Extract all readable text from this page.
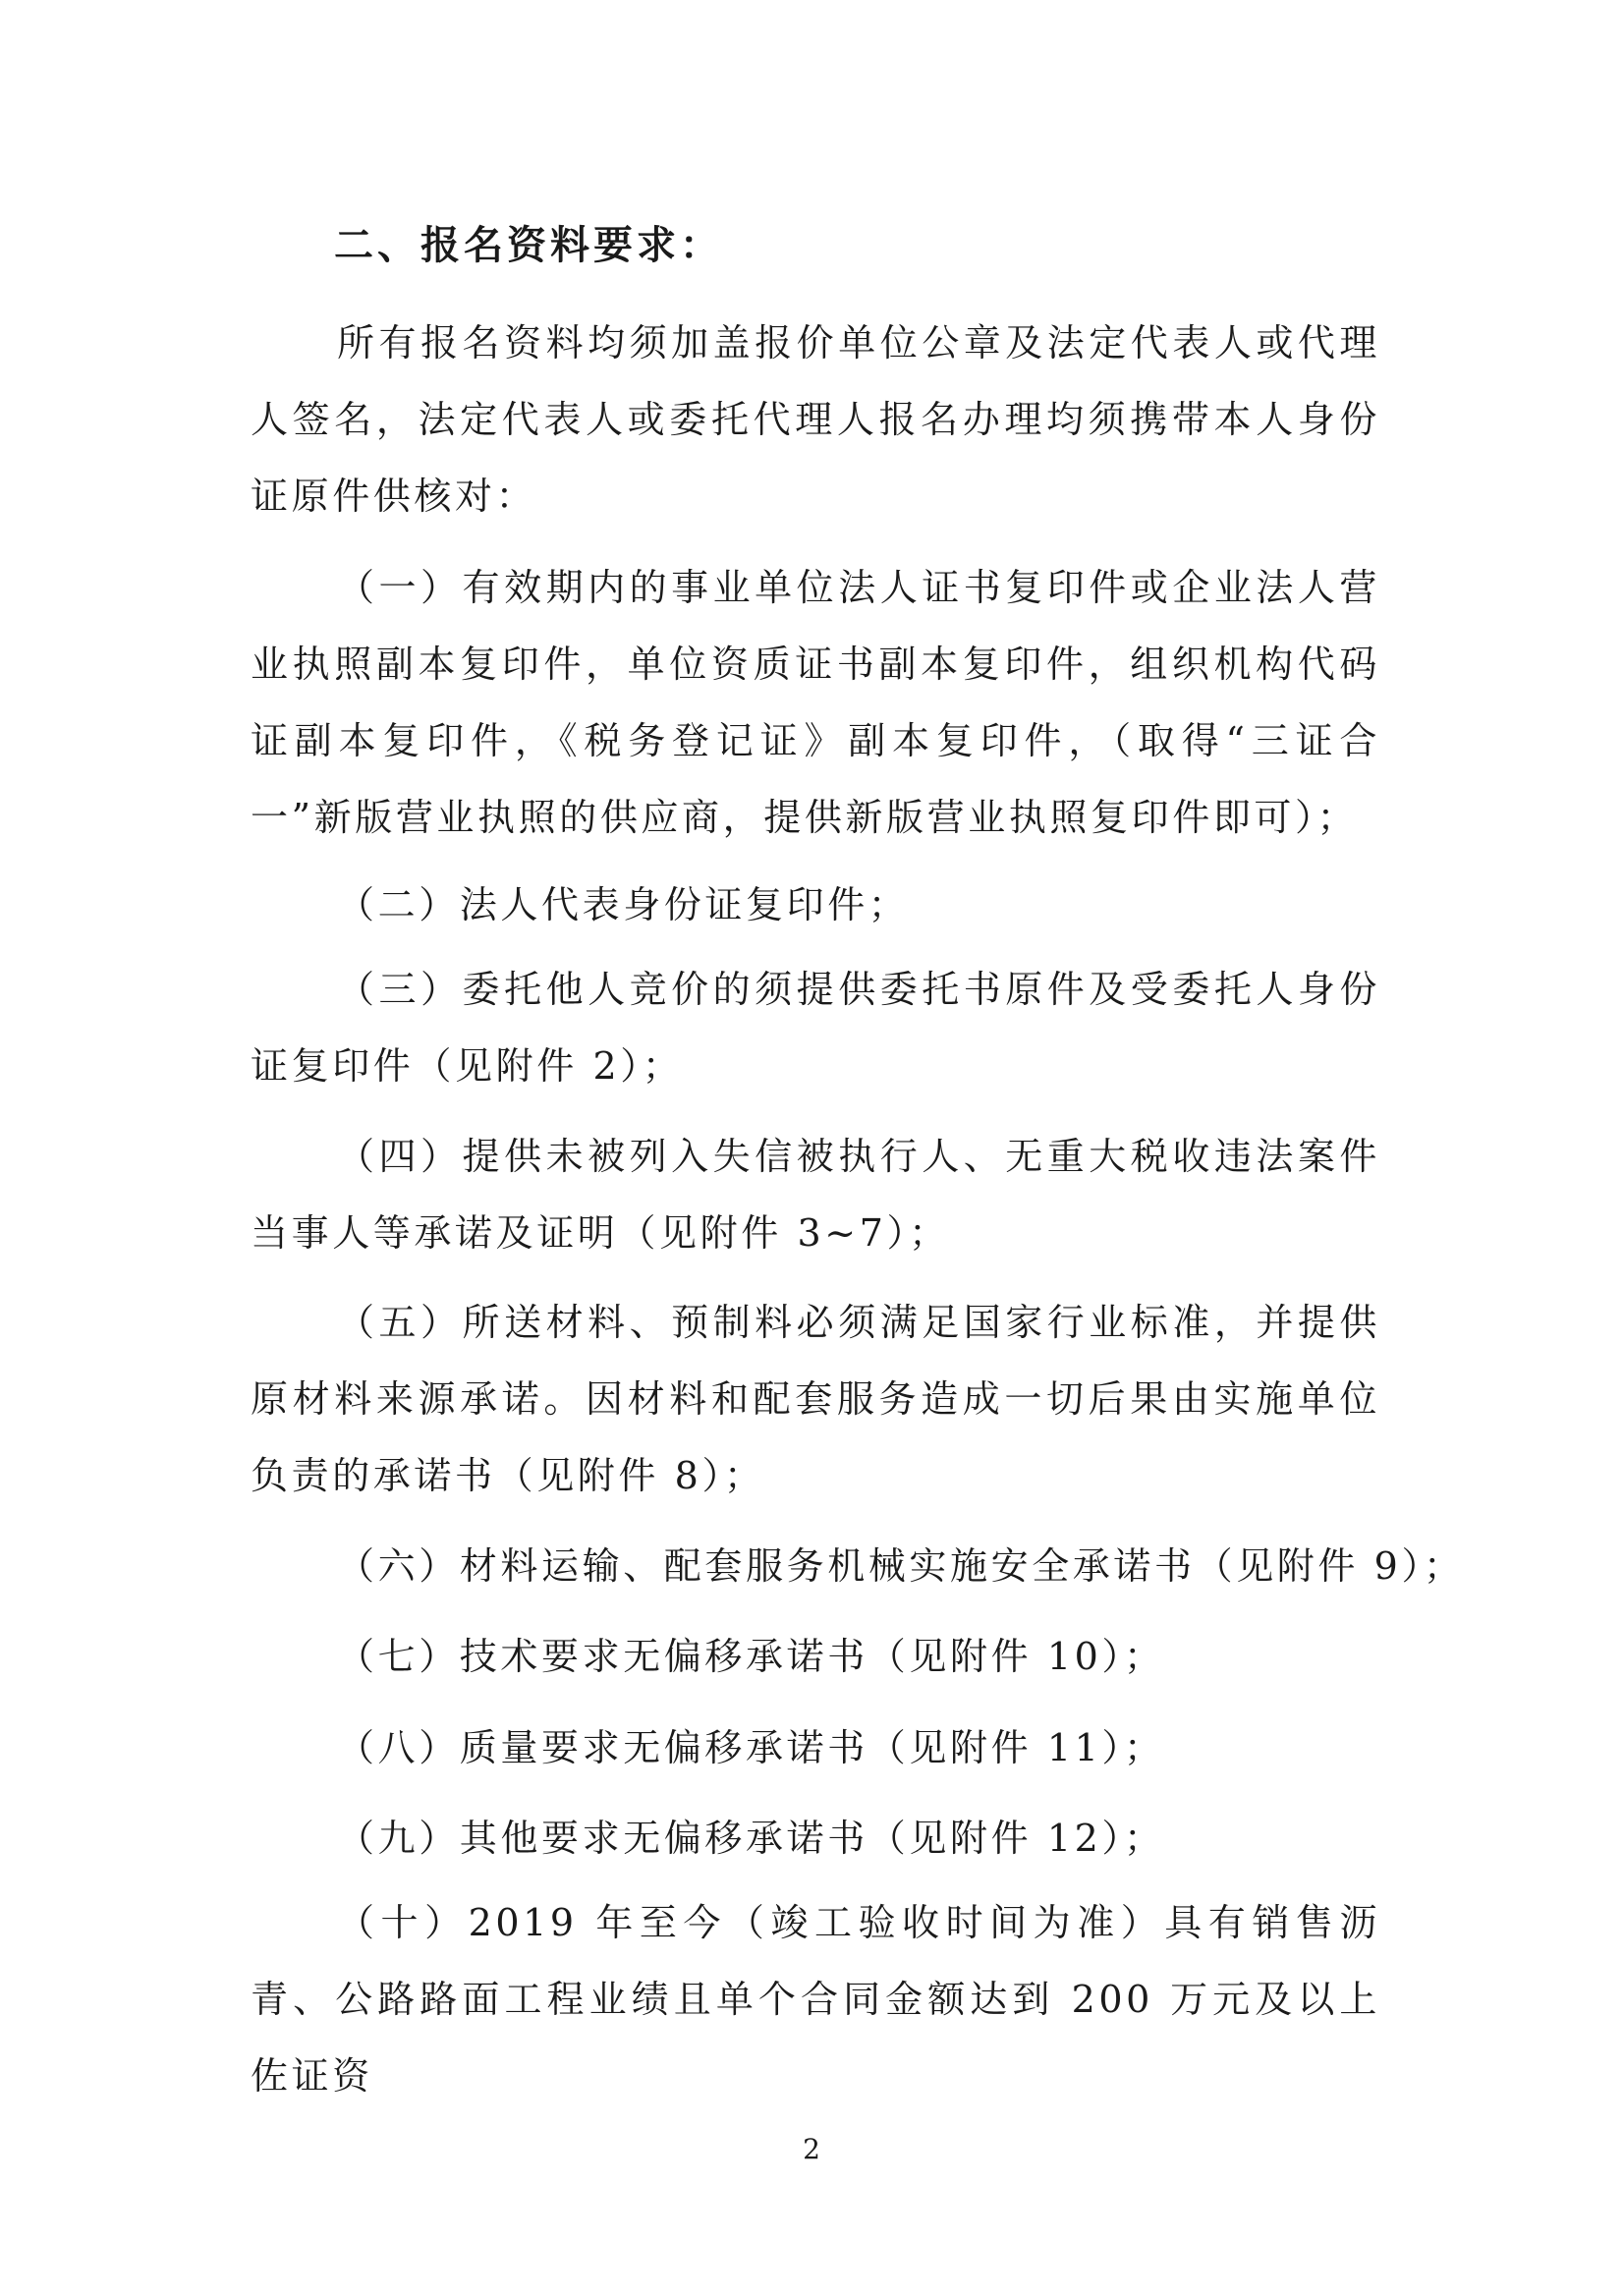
二、报名资料要求：
所有报名资料均须加盖报价单位公章及法定代表人或代理人签名，法定代表人或委托代理人报名办理均须携带本人身份证原件供核对：
（一）有效期内的事业单位法人证书复印件或企业法人营业执照副本复印件，单位资质证书副本复印件，组织机构代码证副本复印件，《税务登记证》副本复印件，（取得“三证合一”新版营业执照的供应商，提供新版营业执照复印件即可）；
（二）法人代表身份证复印件；
（三）委托他人竞价的须提供委托书原件及受委托人身份证复印件（见附件 2）；
（四）提供未被列入失信被执行人、无重大税收违法案件当事人等承诺及证明（见附件 3~7）；
（五）所送材料、预制料必须满足国家行业标准，并提供原材料来源承诺。因材料和配套服务造成一切后果由实施单位负责的承诺书（见附件 8）；
（六）材料运输、配套服务机械实施安全承诺书（见附件 9）；
（七）技术要求无偏移承诺书（见附件 10）；
（八）质量要求无偏移承诺书（见附件 11）；
（九）其他要求无偏移承诺书（见附件 12）；
（十）2019 年至今（竣工验收时间为准）具有销售沥青、公路路面工程业绩且单个合同金额达到 200 万元及以上佐证资
2
